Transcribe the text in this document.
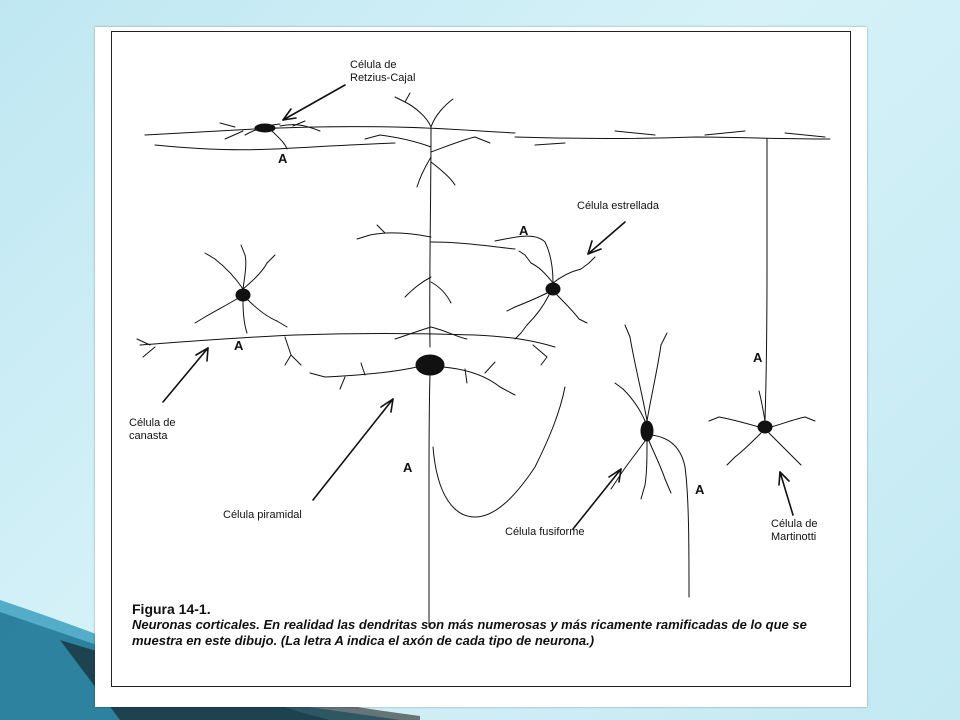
Célula de
Retzius-Cajal
Célula estrellada
Célula de
canasta
Célula piramidal
Célula fusiforme
Célula de
Martinotti
A
A
A
A
A
A
Figura 14-1.
Neuronas corticales. En realidad las dendritas son más numerosas y más ricamente ramificadas de lo que se muestra en este dibujo. (La letra A indica el axón de cada tipo de neurona.)
